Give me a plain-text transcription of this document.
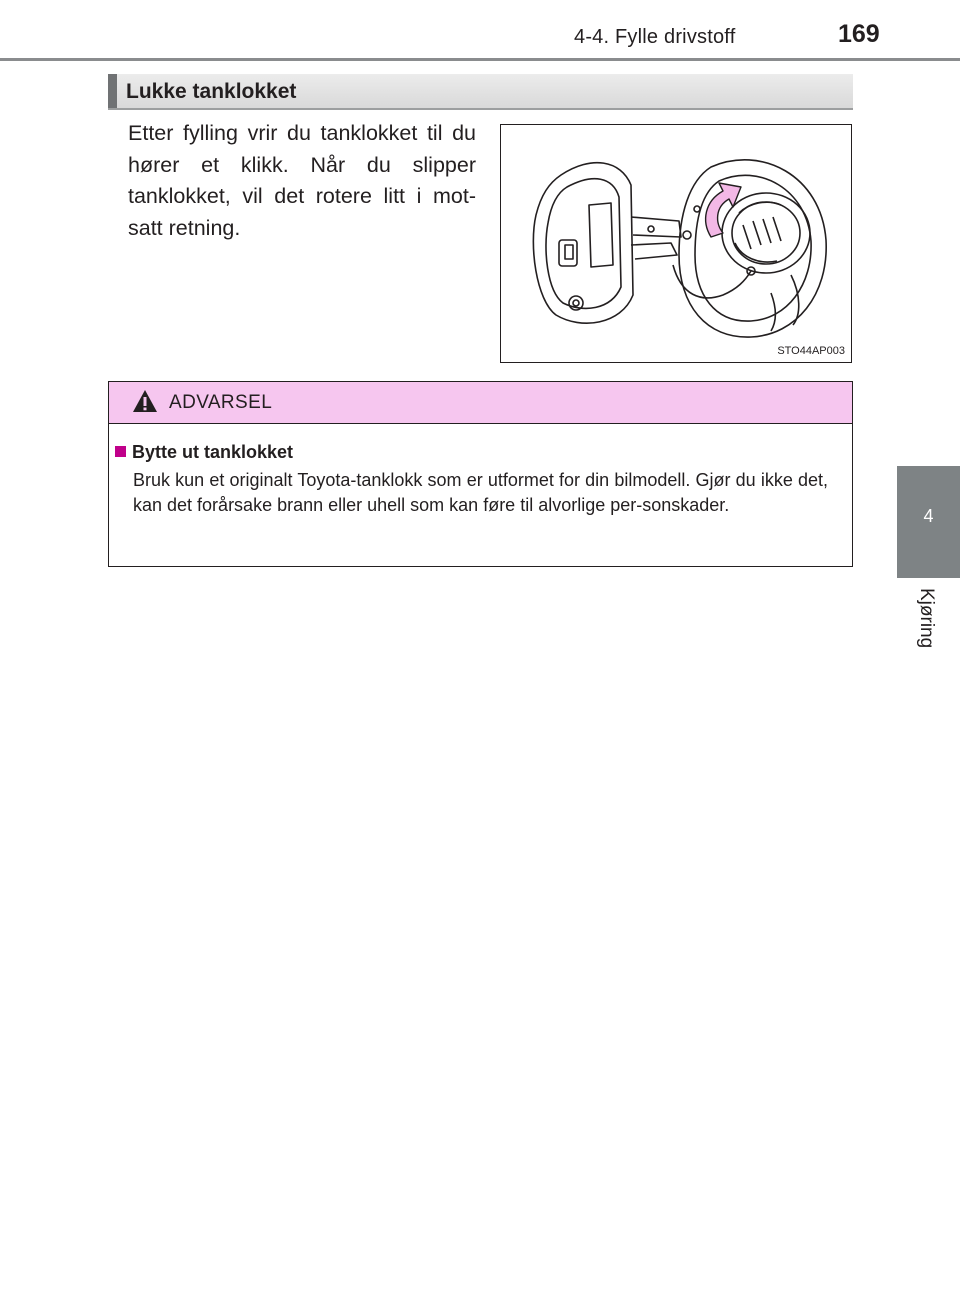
4-4. Fylle drivstoff	169
4
Kjøring
Lukke tanklokket
Etter fylling vrir du tanklokket til du hører et klikk. Når du slipper tanklokket, vil det rotere litt i mot-satt retning.
STO44AP003
ADVARSEL
Bytte ut tanklokket
Bruk kun et originalt Toyota-tanklokk som er utformet for din bilmodell. Gjør du ikke det, kan det forårsake brann eller uhell som kan føre til alvorlige per-sonskader.
